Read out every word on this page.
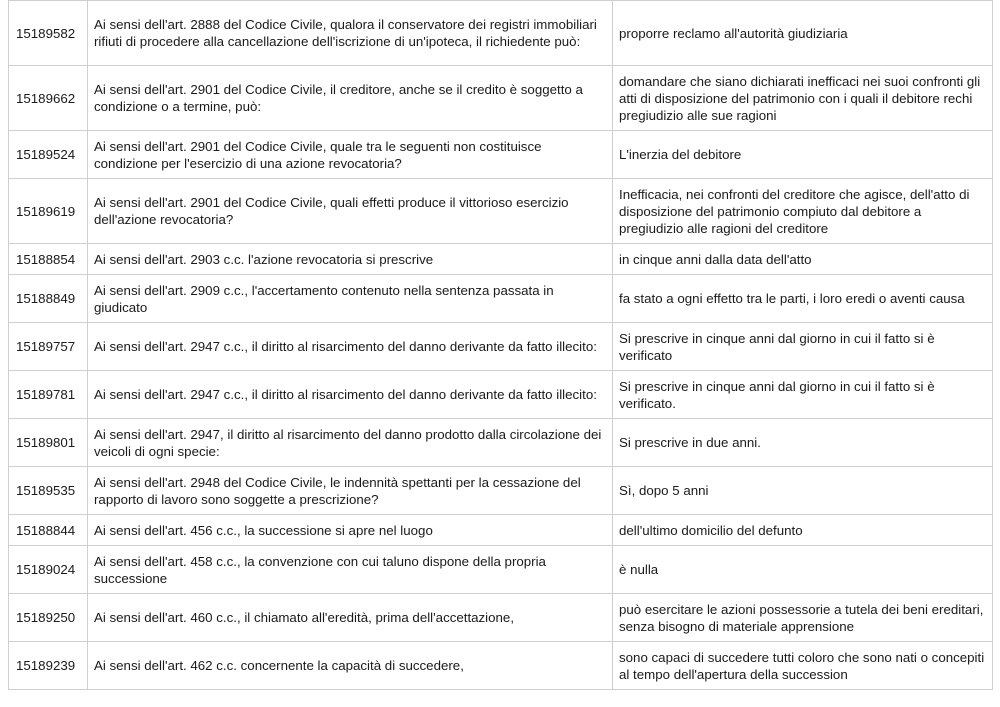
15189582	Ai sensi dell'art. 2888 del Codice Civile, qualora il conservatore dei registri immobiliari rifiuti di procedere alla cancellazione dell'iscrizione di un'ipoteca, il richiedente può:	proporre reclamo all'autorità giudiziaria
15189662	Ai sensi dell'art. 2901 del Codice Civile, il creditore, anche se il credito è soggetto a condizione o a termine, può:	domandare che siano dichiarati inefficaci nei suoi confronti gli atti di disposizione del patrimonio con i quali il debitore rechi pregiudizio alle sue ragioni
15189524	Ai sensi dell'art. 2901 del Codice Civile, quale tra le seguenti non costituisce condizione per l'esercizio di una azione revocatoria?	L'inerzia del debitore
15189619	Ai sensi dell'art. 2901 del Codice Civile, quali effetti produce il vittorioso esercizio dell'azione revocatoria?	Inefficacia, nei confronti del creditore che agisce, dell'atto di disposizione del patrimonio compiuto dal debitore a pregiudizio alle ragioni del creditore
15188854	Ai sensi dell'art. 2903 c.c. l'azione revocatoria si prescrive	in cinque anni dalla data dell'atto
15188849	Ai sensi dell'art. 2909 c.c., l'accertamento contenuto nella sentenza passata in giudicato	fa stato a ogni effetto tra le parti, i loro eredi o aventi causa
15189757	Ai sensi dell'art. 2947 c.c., il diritto al risarcimento del danno derivante da fatto illecito:	Si prescrive in cinque anni dal giorno in cui il fatto si è verificato
15189781	Ai sensi dell'art. 2947 c.c., il diritto al risarcimento del danno derivante da fatto illecito:	Si prescrive in cinque anni dal giorno in cui il fatto si è verificato.
15189801	Ai sensi dell'art. 2947, il diritto al risarcimento del danno prodotto dalla circolazione dei veicoli di ogni specie:	Si prescrive in due anni.
15189535	Ai sensi dell'art. 2948 del Codice Civile, le indennità spettanti per la cessazione del rapporto di lavoro sono soggette a prescrizione?	Sì, dopo 5 anni
15188844	Ai sensi dell'art. 456 c.c., la successione si apre nel luogo	dell'ultimo domicilio del defunto
15189024	Ai sensi dell'art. 458 c.c., la convenzione con cui taluno dispone della propria successione	è nulla
15189250	Ai sensi dell'art. 460 c.c., il chiamato all'eredità, prima dell'accettazione,	può esercitare le azioni possessorie a tutela dei beni ereditari, senza bisogno di materiale apprensione
15189239	Ai sensi dell'art. 462 c.c. concernente la capacità di succedere,	sono capaci di succedere tutti coloro che sono nati o concepiti al tempo dell'apertura della succession
